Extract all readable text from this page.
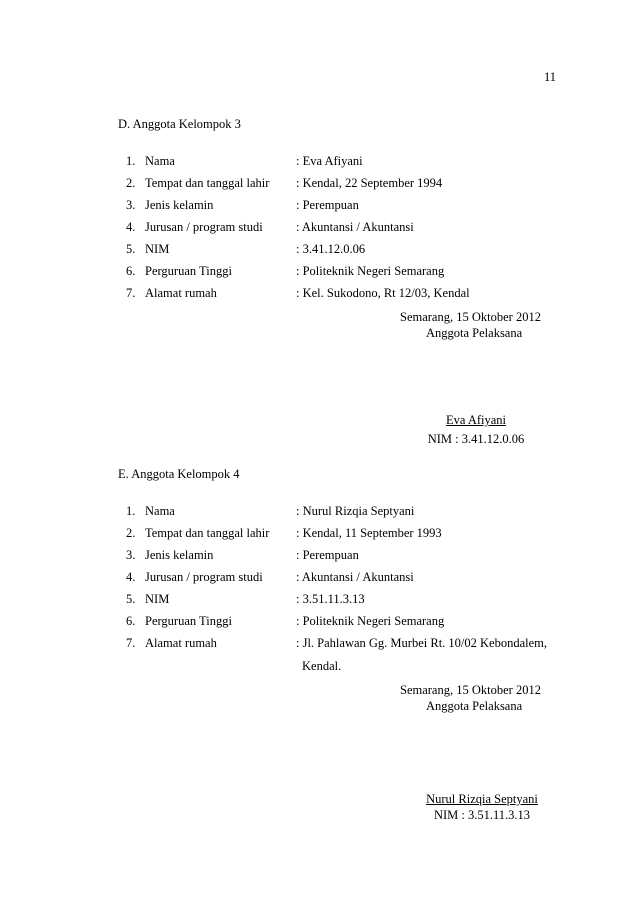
11
D. Anggota Kelompok 3
1. Nama	: Eva Afiyani
2. Tempat dan tanggal lahir : Kendal, 22 September 1994
3. Jenis kelamin	: Perempuan
4. Jurusan / program studi	: Akuntansi / Akuntansi
5. NIM	: 3.41.12.0.06
6. Perguruan Tinggi	: Politeknik Negeri Semarang
7. Alamat rumah	: Kel. Sukodono, Rt 12/03, Kendal
Semarang, 15 Oktober 2012
Anggota Pelaksana
Eva Afiyani
NIM : 3.41.12.0.06
E. Anggota Kelompok 4
1. Nama	: Nurul Rizqia Septyani
2. Tempat dan tanggal lahir : Kendal, 11 September 1993
3. Jenis kelamin	: Perempuan
4. Jurusan / program studi	: Akuntansi / Akuntansi
5. NIM	: 3.51.11.3.13
6. Perguruan Tinggi	: Politeknik Negeri Semarang
7. Alamat rumah	: Jl. Pahlawan Gg. Murbei Rt. 10/02 Kebondalem,
Kendal.
Semarang, 15 Oktober 2012
Anggota Pelaksana
Nurul Rizqia Septyani
NIM : 3.51.11.3.13
